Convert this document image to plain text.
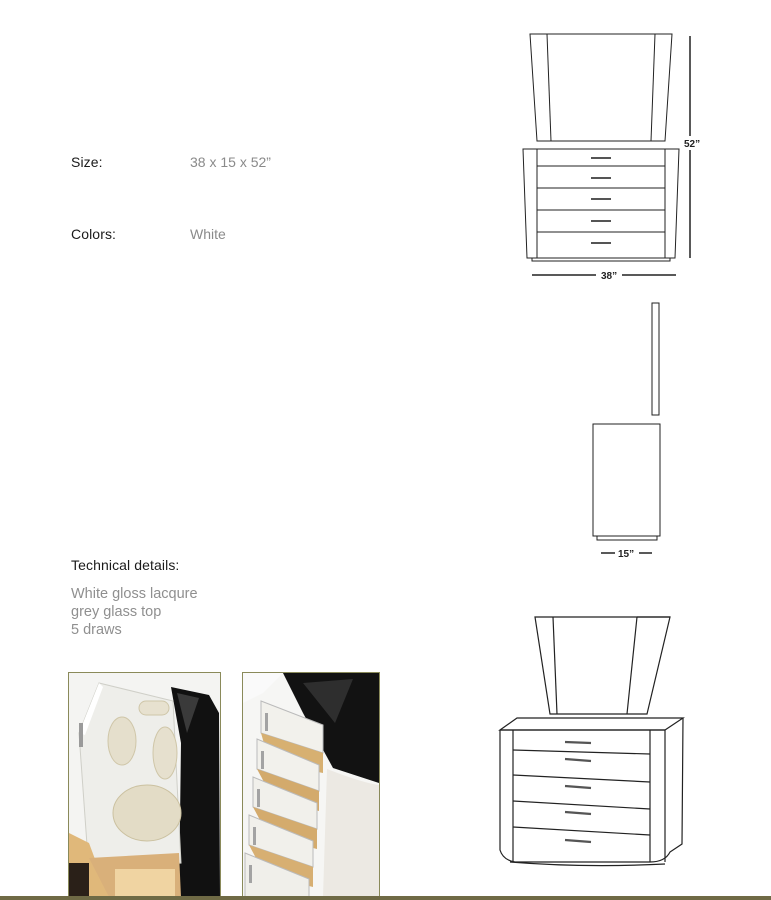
Size:	38 x 15 x 52”
Colors:	White
Technical details:
White gloss lacqure
grey glass top
5 draws
52”
38”
15”
